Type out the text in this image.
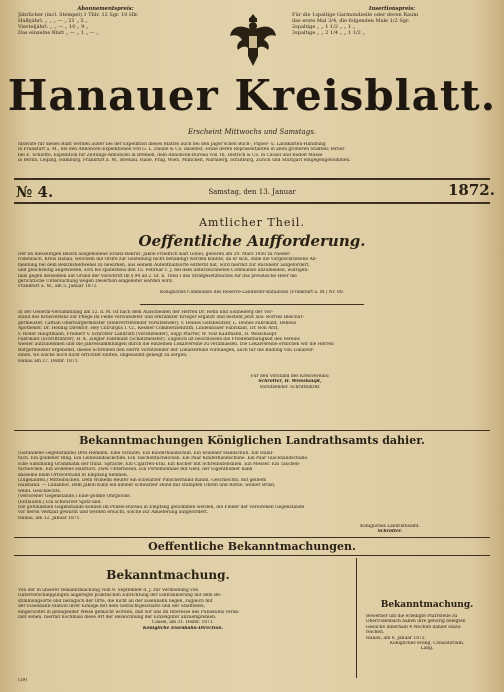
Abonnementspreis:
Jährlicher (incl. Stempel) 1 Thlr. 12 Sgr. 10 Hlr.
Halbjährl. „ „ „ — „ 21 „ 5 „
Vierteljährl. „ „ — „ 10 „ 9 „
Das einzelne Blatt „ — „ 1 „ — „
Insertionspreis:
Für die 1spaltige Garmondzeile oder deren Raum
das erste Mal 3/4, die folgenden Male 1/2 Sgr.
2spaltige „ „ 1 1/2 „ „ 1 „
3spaltige „ „ 2 1/4 „ „ 1 1/2 „
Hanauer Kreisblatt.
Erscheint Mittwochs und Samstags.
Inserate für dieses Blatt werden außer bei der Expedition dieses Blattes auch bei den Jäger'schen Buch-, Papier- u. Landkarten-Handlung
in Frankfurt a. M., bei den Annoncen-Expeditionen von G. L. Daube & Co. daselbst, sowie deren Repräsentanten in allen größeren Städten; ferner
bei E. Schlotte, Expedition für Zeitungs-Annoncen in Bremen, dem Annoncen-Bureau von Th. Dietrich & Co. in Cassel und Rudolf Mosse
in Berlin, Leipzig, Hamburg, Frankfurt a. M., Breslau, Halle, Prag, Wien, München, Nürnberg, Straßburg, Zürich und Stuttgart entgegengenommen.
№ 4.	Samstag, den 13. Januar	1872.
Amtlicher Theil.
Oeffentliche Aufforderung.
Der im diesseitigen Bezirk ausgehobene Ersatz-Rekrut: Jakob Friedrich Karl Göbel, geboren am 29. März 1850 zu Nieder-
rodenbach, Kreis Hanau, welchem die Ordre zur Gestellung nicht behändigt werden konnte, da er sich, ohne die vorgeschriebene Ab-
meldung bei dem Bezirksfeldwebel zu bewirken, aus seinem Aufenthaltsorte entfernt hat, wird hiermit zur Rückkehr aufgefordert,
und gleichzeitig angewiesen, sich bis spätestens den 15. Februar c. J. bei dem unterzeichneten Commando anzumelden, widrigen-
falls gegen denselben auf Grund der Vorschrift im § 94 ad 2. lit. b. Theil I des Strafgesetzbuches für das preußische Heer die
gerichtliche Untersuchung wegen Desertion eingeleitet werden wird.
Frankfurt a. M., am 5. Januar 1872.
Königliches Commando des Reserve-Landwehr-Bataillons (Frankfurt a. M.) Nr. 80.
In der General-Versammlung am 12. d. M. ist nach dem Ausscheiden der Herren Dr. Rehn und Sonneberg der Vor-
stand des Kreisvereins zur Pflege im Felde verwundeter und erkrankter Krieger ergänzt und besteht jetzt aus: Borries Bleichür-
germeister, Caffian Oberbürgermeister (Stellvertretender Vorsitzender), v. Deines Gutsbesitzer, L. Deines Fabrikant, Deneus
Apotheker, Dr. Hennig Direktor, Hey Chirurgus I. Cl., Kessler Commerzienrath, Lindenbauer Fabrikant, Dr. Roll Arzt,
v. Röder Hauptmann, Freiherr v. Schrötter Landrath (Vorsitzender), Sopp Pfarrer, W. Volz Kaufmann, H. Weisshaupt
Fabrikant (Schriftführer), H. K. Ziegler Fabrikant (Schatzmeister). Zugleich ist beschlossen die Friedensthätigkeit des Vereins
wieder aufzunehmen und die Jahressammlungen durch die einzelnen Lokalvereine zu veranlassen. Die Lokalvereine ersuchen wir die Herren
Bürgermeister ergebenst, dieses Schreiben den Herrn Vorsitzender der Lokalvereine vorzulegen, auch für die Bildung von Lokalver-
einen, wo solche noch nicht errichtet sollten, ungesäumt geneigt zu sorgen.
Hanau am 27. Dezbr. 1871.
Für den Vorstand des Kreisvereins:
Schrötter, H. Weisshaupt,
Vorsitzender. Schriftführer.
Bekanntmachungen Königlichen Landrathsamts dahier.
(Gefundene Gegenstände) Drei Hemden. Eine Schürze. Ein Kinderhandschuh. Ein wollener Handschuh. Ein Hand-
tuch. Ein goldener Ring. Ein Leinwandsäckchen. Ein Taschentüchelchen. Ein Paar Kinderhandschuhe. Ein Paar Glacehandschuhe.
Eine Sammlung Grammatik der franz. Sprache. Ein Cigarren-Etui. Ein Köcher mit Schreibutensilien. Ein Messer. Ein Taschen-
tüchelchen. Ein wollenes Halstuch. Zwei Unterhosen. Ein Portemonnaie mit Geld; der Eigenthümer kann
dasselbe beim Ortsvorstand in Empfang nehmen.
(Zugelaufen.) Mittelbuchen. Dem Wilhelm Reuter ein schwarzer Pinscherhund männl. Geschlechts, mit gelbem
Halsband. — Lillianhof. Dem Jakob Kunz ein kleiner schwarzer Hund mit stumpfen Ohren und Ruthe, weißer Brust,
weibl. Geschlechts.
(Verlorener Gegenstände.) Eine goldne Ohrglocke.
(Entlaufen.) Ein schwarzer Spitz-und.
Die gefundenen Gegenstände können im Polizei-Bureau in Empfang genommen werden, die Finder der verlorenen Gegenstände
vor deren Verkauf gewarnt und werden ersucht, solche zur Ablieferung aufgefordert.
Hanau, am 12. Januar 1871.
Königliches Landrathsamt.
Schrötter.
Oeffentliche Bekanntmachungen.
Bekanntmachung.
Von der in unserer Bekanntmachung vom 9. September d. J. zur Vermeidung von
Güterverschleppungen angeregte praktischen Einrichtung der Einfrankierung mit dem Be-
stimmungsorte und bezüglich der Orte, die nicht an der Eisenbahn liegen, zugleich mit
der Eisenbahn-Station ihrer Einlage mit dem Gefrachtgeschäfte und der Stadtfeste,
eingerichtet in genügender Weise gemacht worden, daß wir uns im Interesse des Publikums veran-
laßt sehen, hiermit nochmals diese Art der Bezeichnung der Einzelgüter anzuempfehlen.
Cassel, am 31. Dezbr. 1871.
Königliche Eisenbahn-Direction.
(59)
Bekanntmachung.
Bewerber um die erledigte Pfarrstelle zu
Oberrodenbach haben ihre gehörig belegten
Gesuche innerhalb 4 Wochen dahier einzu-
reichen.
Hanau, am 6. Januar 1872.
Königliches evang. Consistorium.
Lang.
